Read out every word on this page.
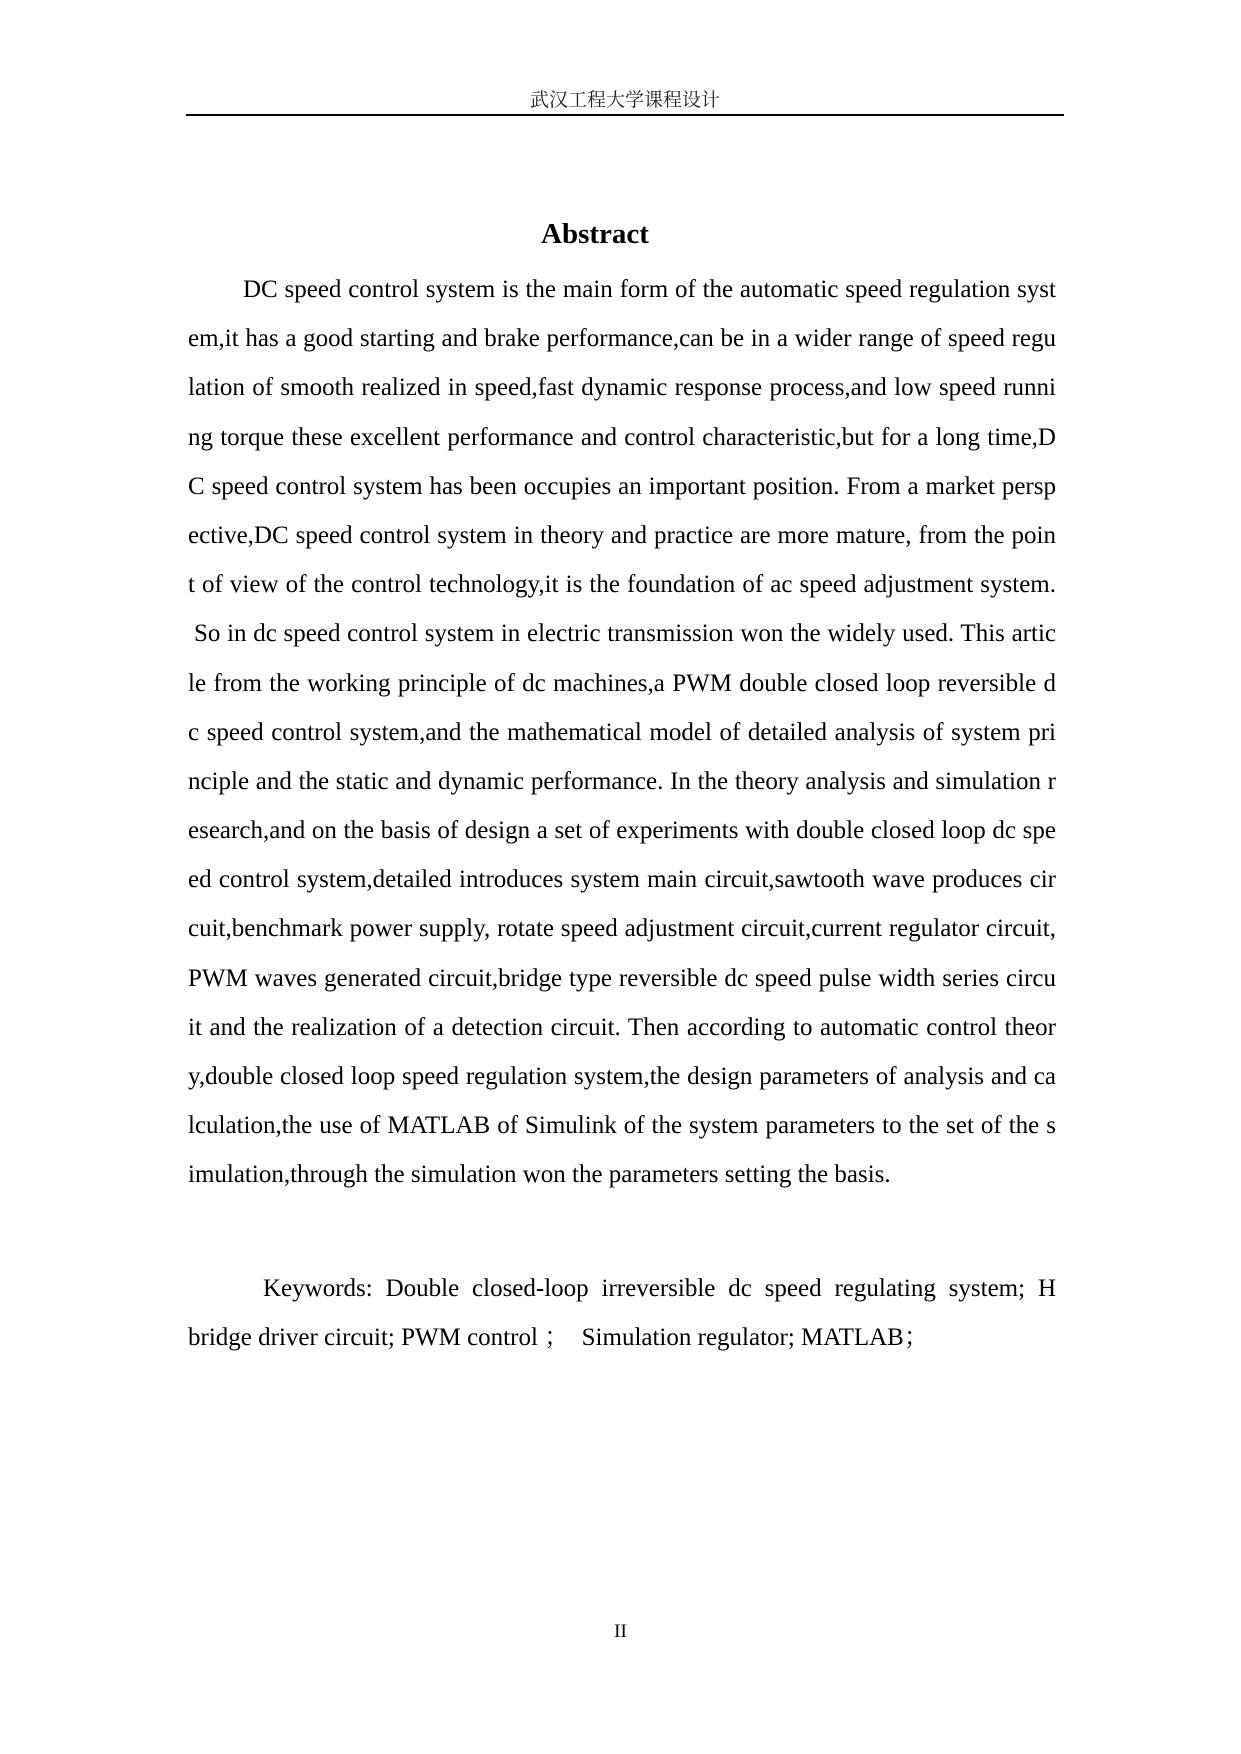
武汉工程大学课程设计
Abstract
DC speed control system is the main form of the automatic speed regulation syst
em,it has a good starting and brake performance,can be in a wider range of speed regu
lation of smooth realized in speed,fast dynamic response process,and low speed runni
ng torque these excellent performance and control characteristic,but for a long time,D
C speed control system has been occupies an important position. From a market persp
ective,DC speed control system in theory and practice are more mature, from the poin
t of view of the control technology,it is the foundation of ac speed adjustment system.
So in dc speed control system in electric transmission won the widely used. This artic
le from the working principle of dc machines,a PWM double closed loop reversible d
c speed control system,and the mathematical model of detailed analysis of system pri
nciple and the static and dynamic performance. In the theory analysis and simulation r
esearch,and on the basis of design a set of experiments with double closed loop dc spe
ed control system,detailed introduces system main circuit,sawtooth wave produces cir
cuit,benchmark power supply, rotate speed adjustment circuit,current regulator circuit,
PWM waves generated circuit,bridge type reversible dc speed pulse width series circu
it and the realization of a detection circuit. Then according to automatic control theor
y,double closed loop speed regulation system,the design parameters of analysis and ca
lculation,the use of MATLAB of Simulink of the system parameters to the set of the s
imulation,through the simulation won the parameters setting the basis.
Keywords: Double closed-loop irreversible dc speed regulating system; H
bridge driver circuit; PWM control ；  Simulation regulator; MATLAB；
II
